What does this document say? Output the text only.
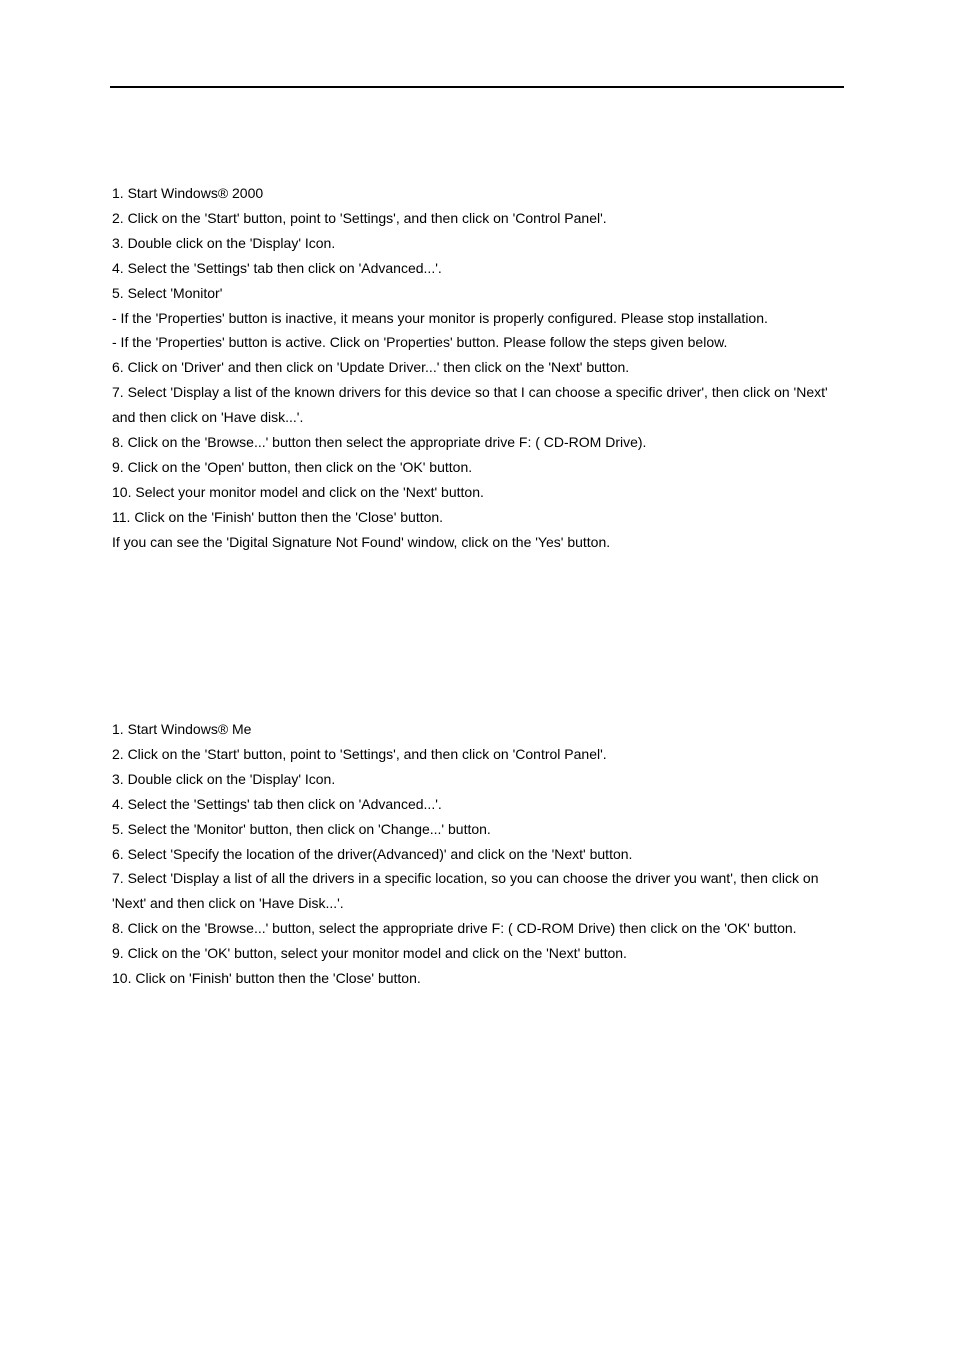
1. Start Windows® 2000

2. Click on the 'Start' button, point to 'Settings', and then click on 'Control Panel'.

3. Double click on the 'Display' Icon.

4. Select the 'Settings' tab then click on 'Advanced...'.

5. Select 'Monitor'

- If the 'Properties' button is inactive, it means your monitor is properly configured. Please stop installation.

- If the 'Properties' button is active. Click on 'Properties' button. Please follow the steps given below.

6. Click on 'Driver' and then click on 'Update Driver...' then click on the 'Next' button.

7. Select 'Display a list of the known drivers for this device so that I can choose a specific driver', then click on 'Next'

and then click on 'Have disk...'.

8. Click on the 'Browse...' button then select the appropriate drive F: ( CD-ROM Drive).

9. Click on the 'Open' button, then click on the 'OK' button.

10. Select your monitor model and click on the 'Next' button.

11. Click on the 'Finish' button then the 'Close' button.

If you can see the 'Digital Signature Not Found' window, click on the 'Yes' button.

1. Start Windows® Me

2. Click on the 'Start' button, point to 'Settings', and then click on 'Control Panel'.

3. Double click on the 'Display' Icon.

4. Select the 'Settings' tab then click on 'Advanced...'.

5. Select the 'Monitor' button, then click on 'Change...' button.

6. Select 'Specify the location of the driver(Advanced)' and click on the 'Next' button.

7. Select 'Display a list of all the drivers in a specific location, so you can choose the driver you want', then click on

'Next' and then click on 'Have Disk...'.

8. Click on the 'Browse...' button, select the appropriate drive F: ( CD-ROM Drive) then click on the 'OK' button.

9. Click on the 'OK' button, select your monitor model and click on the 'Next' button.

10. Click on 'Finish' button then the 'Close' button.
